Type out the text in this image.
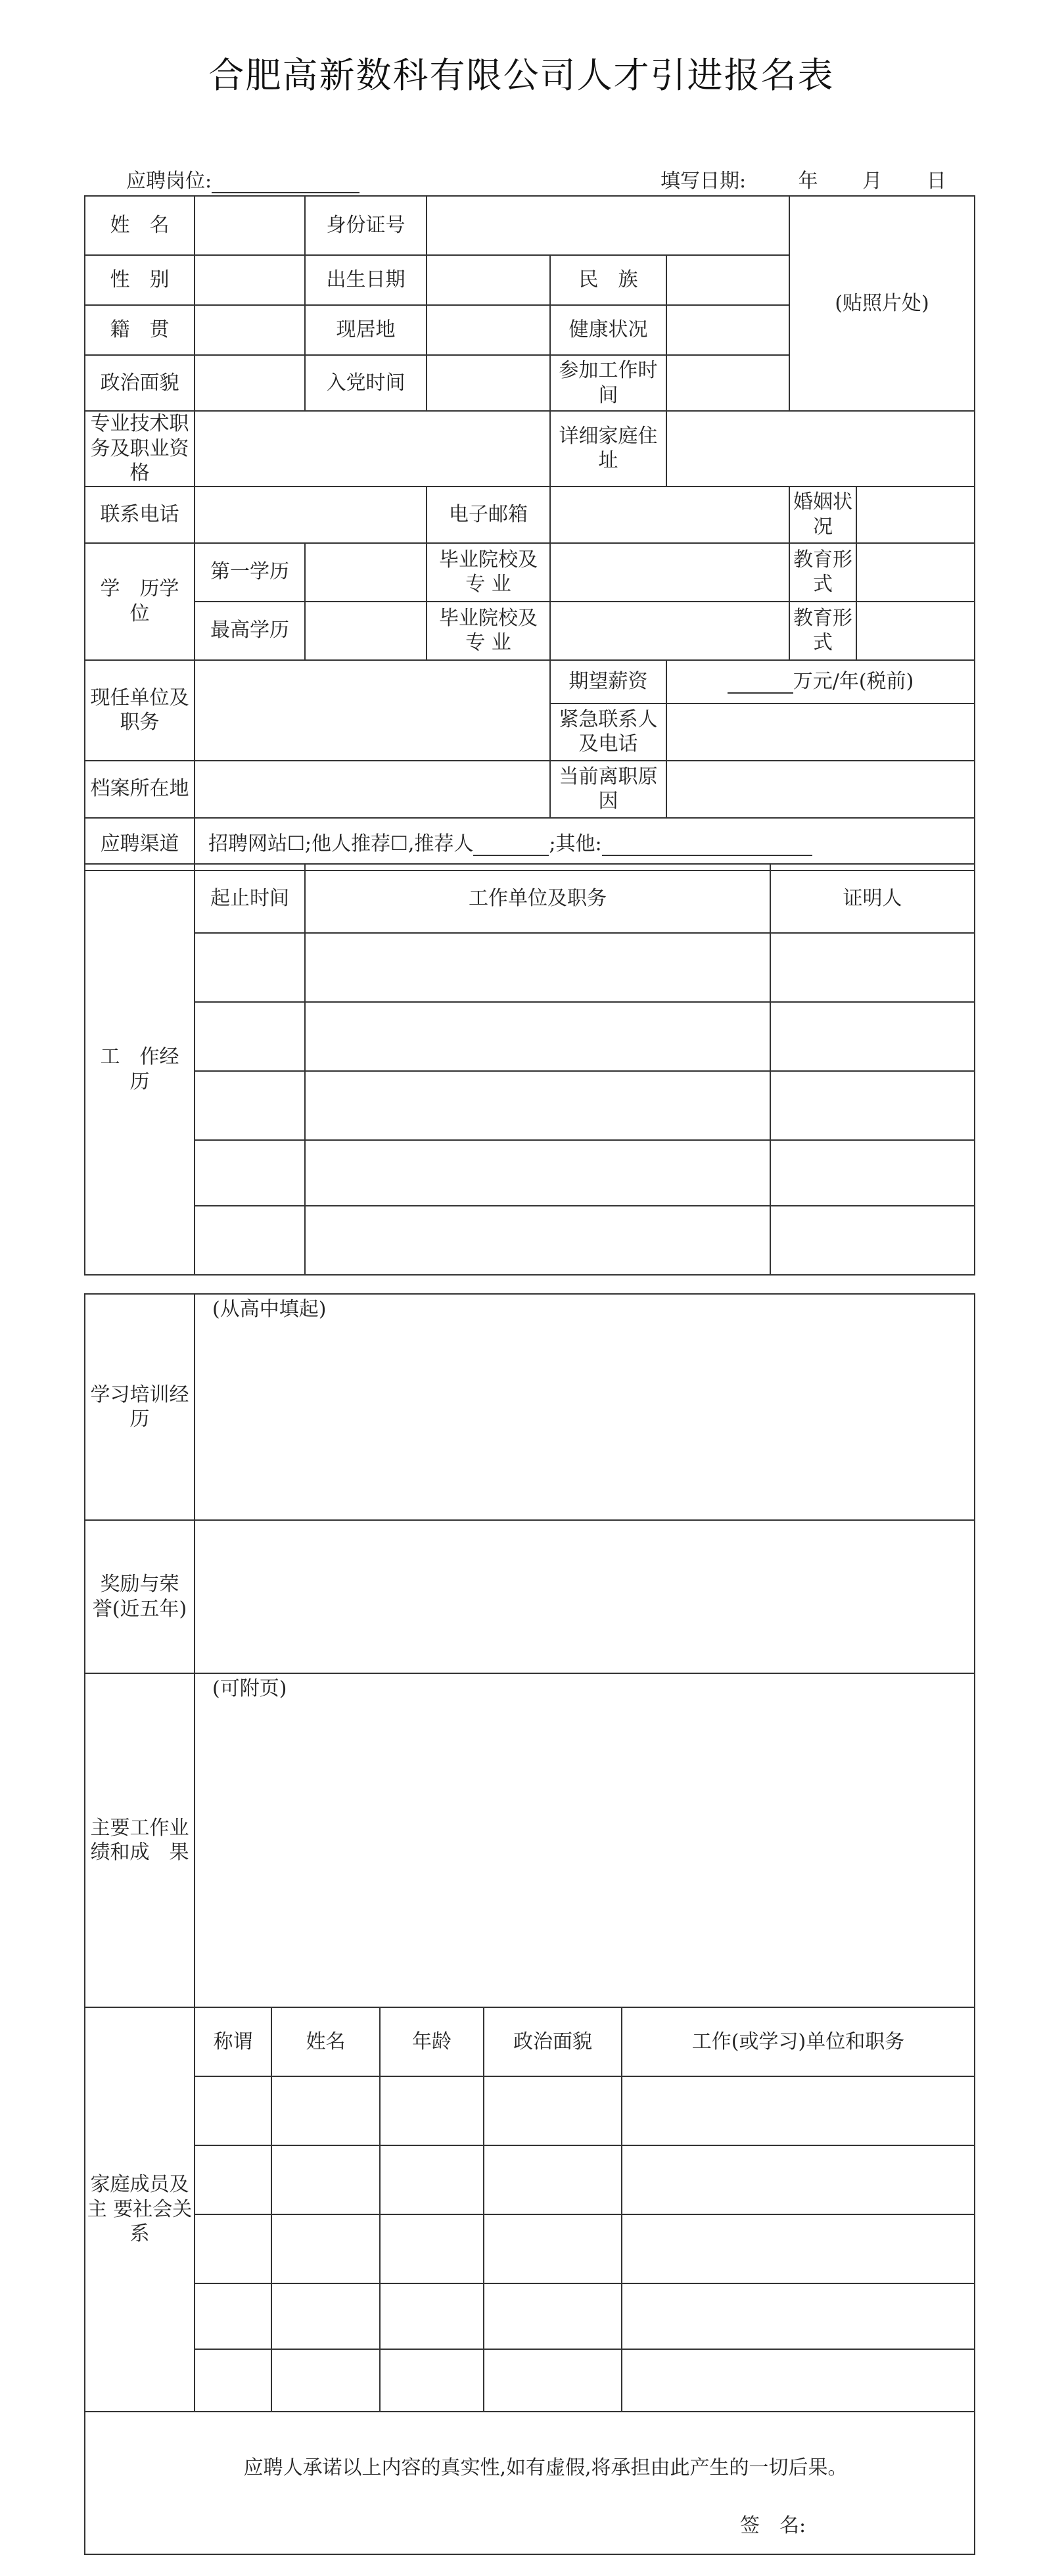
合肥高新数科有限公司人才引进报名表
应聘岗位:	填写日期:	年 月 日
姓　名		身份证号				(贴照片处)	
性　别		出生日期		民　族			
籍　贯		现居地		健康状况			
政治面貌		入党时间		参加工作时　间			
专业技术职务及职业资格				详细家庭住址			
联系电话			电子邮箱			婚姻状况	
学　历学　位	第一学历		毕业院校及 专 业			教育形式	
	最高学历		毕业院校及 专 业			教育形式	
现任单位及职务				期望薪资	万元/年(税前)		
				紧急联系人及电话			
档案所在地				当前离职原因			
应聘渠道	招聘网站☐;他人推荐☐,推荐人 ;其他:						
工　作经　历	起止时间	工作单位及职务	证明人

学习培训经　历	(从高中填起)				
奖励与荣　誉(近五年)					
主要工作业绩和成　果	(可附页)				
家庭成员及 主 要社会关系	称谓	姓名	年龄	政治面貌	工作(或学习)单位和职务

应聘人承诺以上内容的真实性,如有虚假,将承担由此产生的一切后果。
签　名:					
